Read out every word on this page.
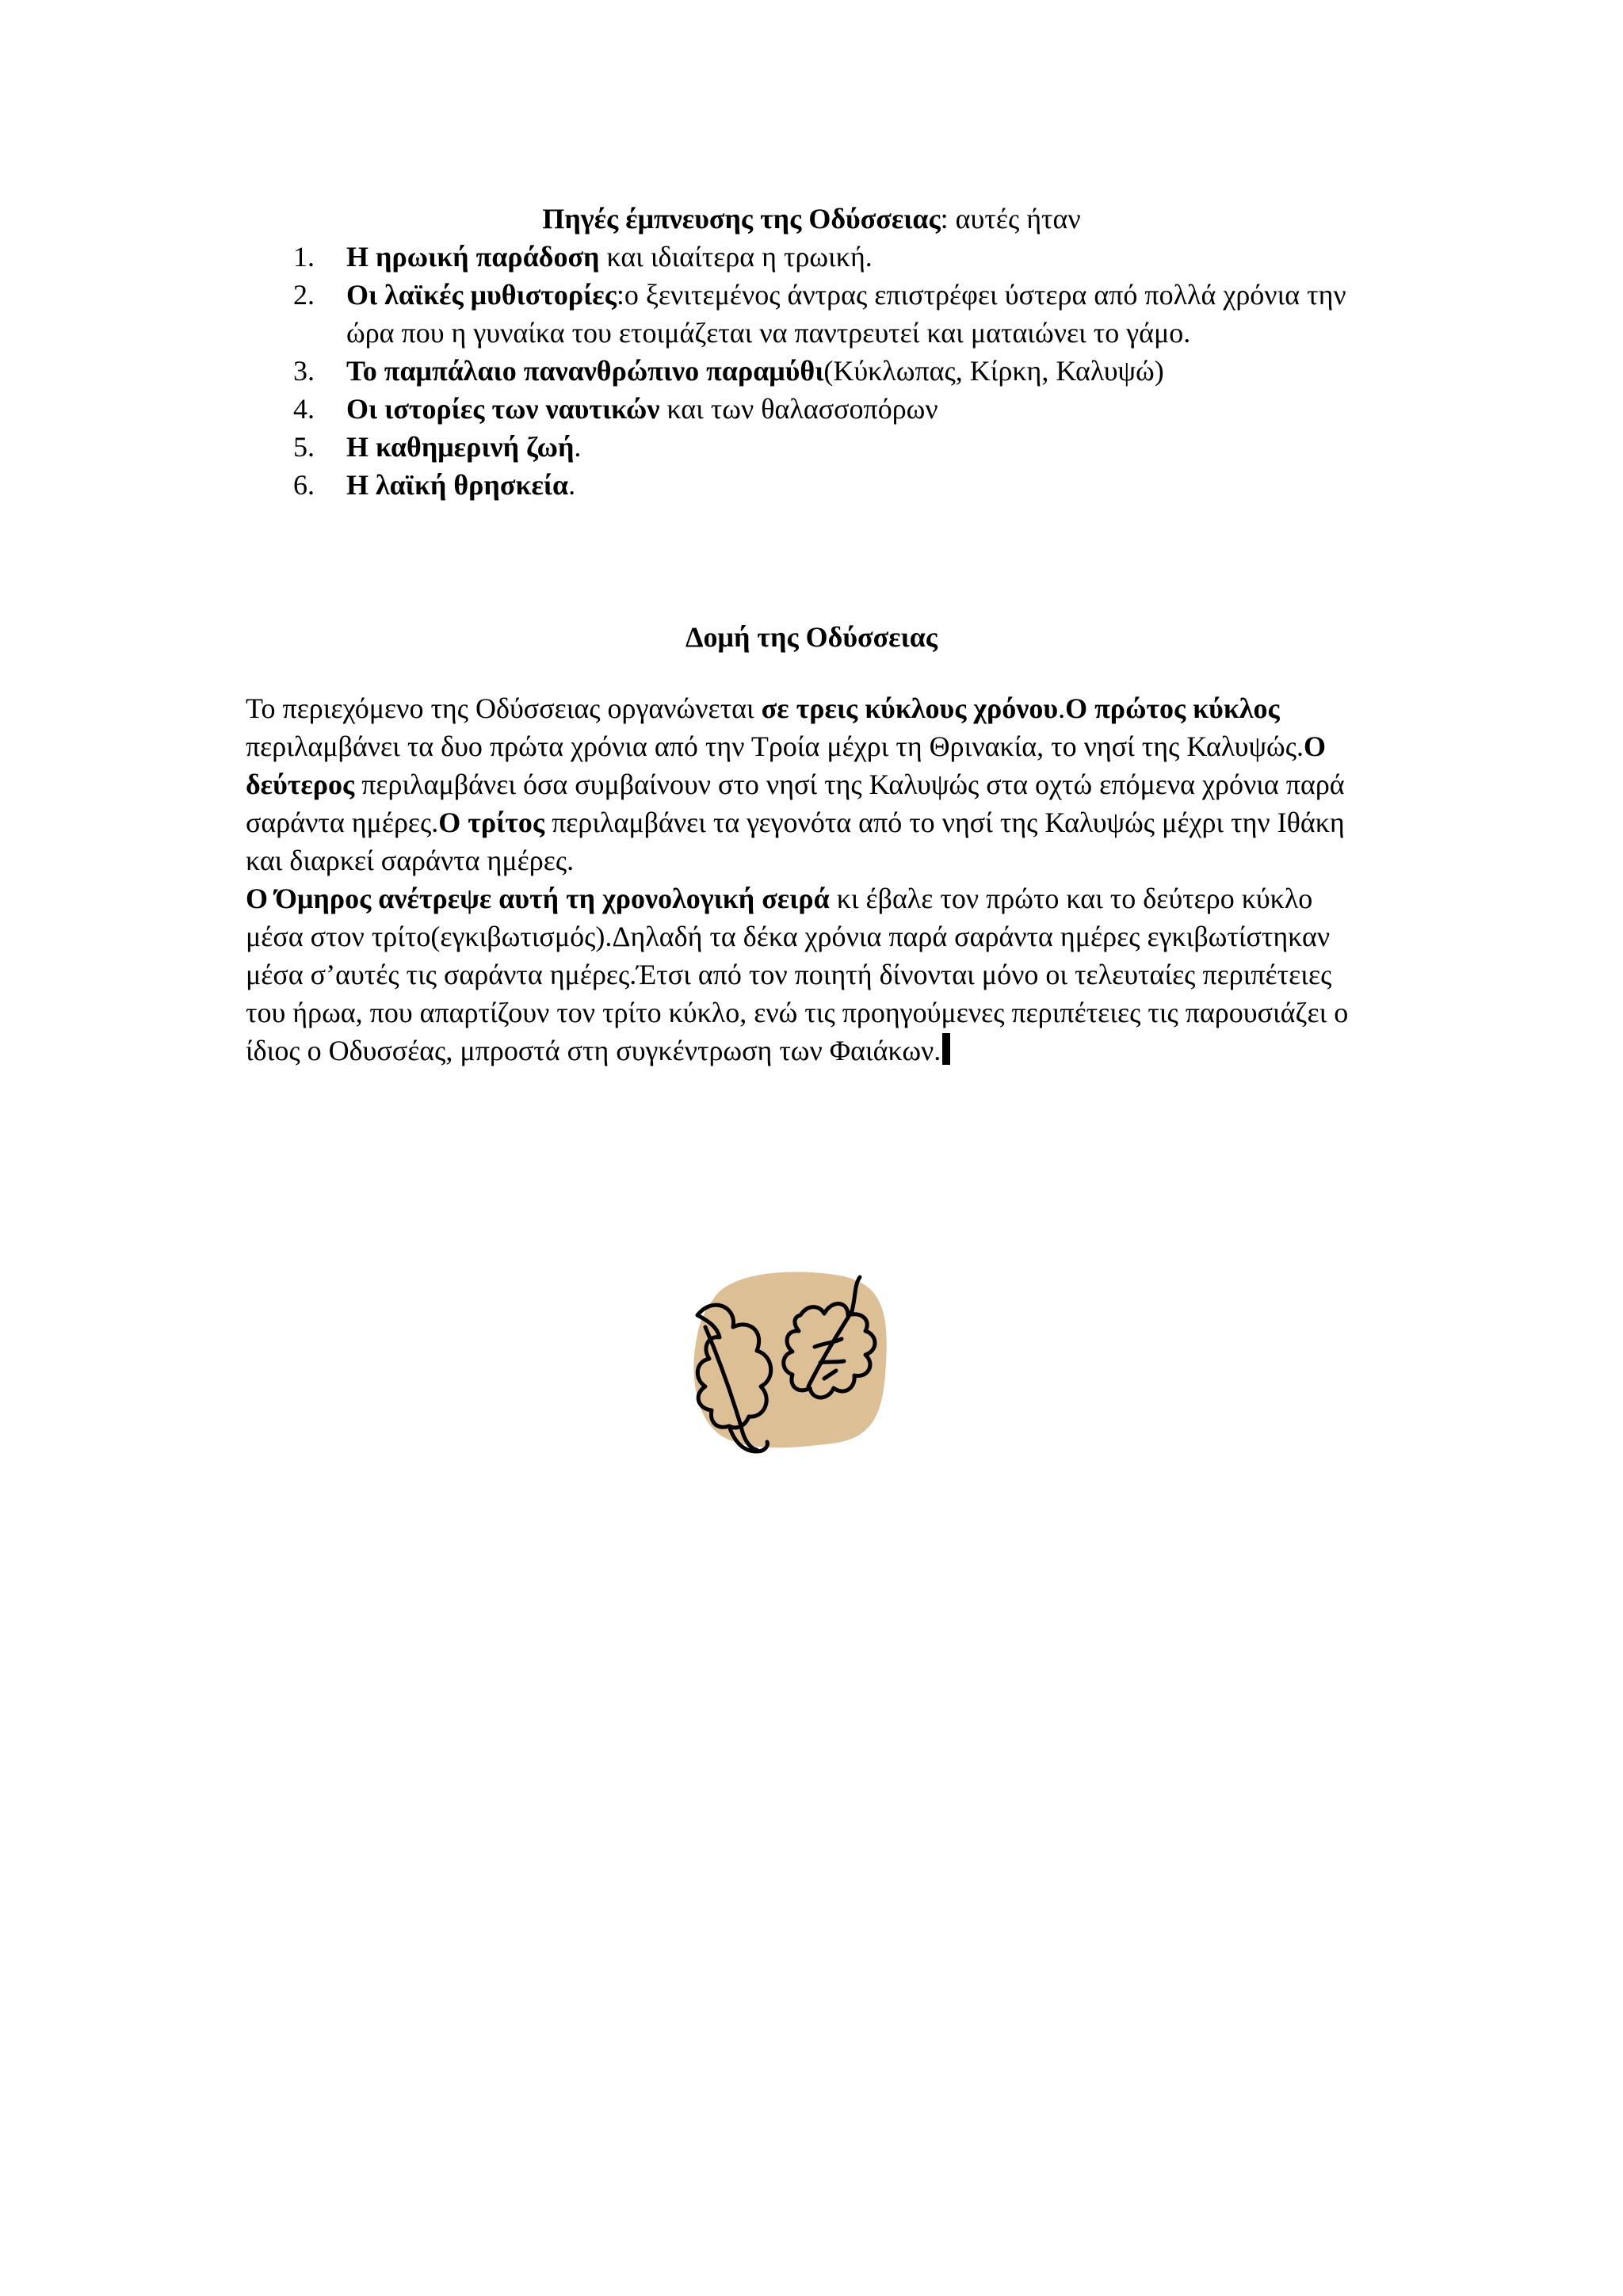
Πηγές έμπνευσης της Οδύσσειας: αυτές ήταν

1. Η ηρωική παράδοση και ιδιαίτερα η τρωική.
2. Οι λαϊκές μυθιστορίες:ο ξενιτεμένος άντρας επιστρέφει ύστερα από πολλά χρόνια την ώρα που η γυναίκα του ετοιμάζεται να παντρευτεί και ματαιώνει το γάμο.
3. Το παμπάλαιο πανανθρώπινο παραμύθι(Κύκλωπας, Κίρκη, Καλυψώ)
4. Οι ιστορίες των ναυτικών και των θαλασσοπόρων
5. Η καθημερινή ζωή.
6. Η λαϊκή θρησκεία.

Δομή της Οδύσσειας

Το περιεχόμενο της Οδύσσειας οργανώνεται σε τρεις κύκλους χρόνου.Ο πρώτος κύκλος περιλαμβάνει τα δυο πρώτα χρόνια από την Τροία μέχρι τη Θρινακία, το νησί της Καλυψώς.Ο δεύτερος περιλαμβάνει όσα συμβαίνουν στο νησί της Καλυψώς στα οχτώ επόμενα χρόνια παρά σαράντα ημέρες.Ο τρίτος περιλαμβάνει τα γεγονότα από το νησί της Καλυψώς μέχρι την Ιθάκη και διαρκεί σαράντα ημέρες.

Ο Όμηρος ανέτρεψε αυτή τη χρονολογική σειρά κι έβαλε τον πρώτο και το δεύτερο κύκλο μέσα στον τρίτο(εγκιβωτισμός).Δηλαδή τα δέκα χρόνια παρά σαράντα ημέρες εγκιβωτίστηκαν μέσα σ’αυτές τις σαράντα ημέρες.Έτσι από τον ποιητή δίνονται μόνο οι τελευταίες περιπέτειες του ήρωα, που απαρτίζουν τον τρίτο κύκλο, ενώ τις προηγούμενες περιπέτειες τις παρουσιάζει ο ίδιος ο Οδυσσέας, μπροστά στη συγκέντρωση των Φαιάκων.
